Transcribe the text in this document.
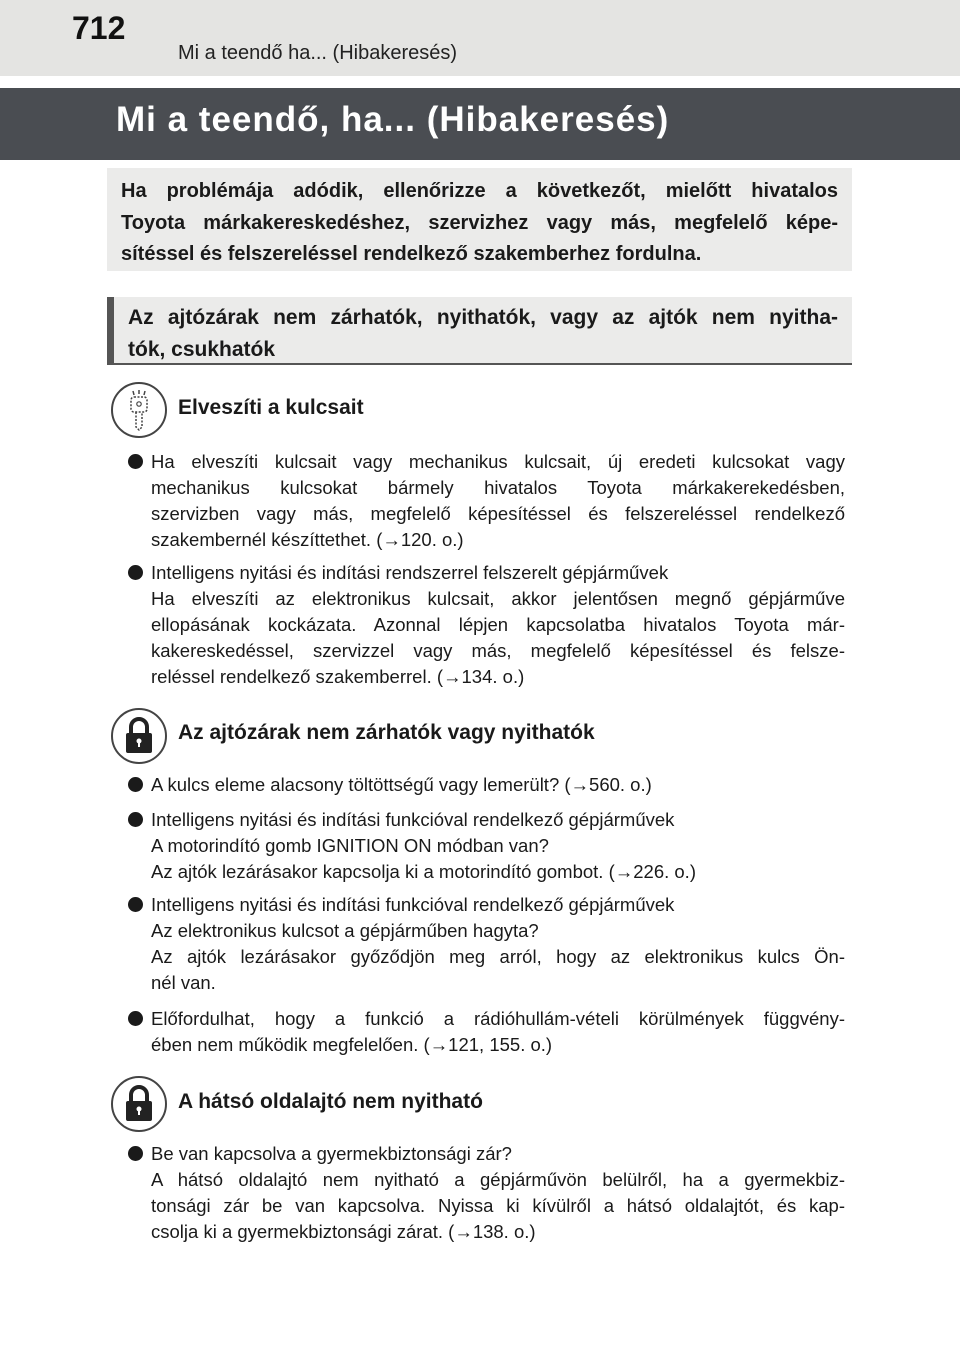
712
Mi a teendő ha... (Hibakeresés)
Mi a teendő, ha... (Hibakeresés)
Ha problémája adódik, ellenőrizze a következőt, mielőtt hivatalos
Toyota márkakereskedéshez, szervizhez vagy más, megfelelő képe-
sítéssel és felszereléssel rendelkező szakemberhez fordulna.
Az ajtózárak nem zárhatók, nyithatók, vagy az ajtók nem nyitha-
tók, csukhatók
Elveszíti a kulcsait
Ha elveszíti kulcsait vagy mechanikus kulcsait, új eredeti kulcsokat vagy
mechanikus kulcsokat bármely hivatalos Toyota márkakerekedésben,
szervizben vagy más, megfelelő képesítéssel és felszereléssel rendelkező
szakembernél készíttethet. (→120. o.)
Intelligens nyitási és indítási rendszerrel felszerelt gépjárművek
Ha elveszíti az elektronikus kulcsait, akkor jelentősen megnő gépjárműve
ellopásának kockázata. Azonnal lépjen kapcsolatba hivatalos Toyota már-
kakereskedéssel, szervizzel vagy más, megfelelő képesítéssel és felsze-
reléssel rendelkező szakemberrel. (→134. o.)
Az ajtózárak nem zárhatók vagy nyithatók
A kulcs eleme alacsony töltöttségű vagy lemerült? (→560. o.)
Intelligens nyitási és indítási funkcióval rendelkező gépjárművek
A motorindító gomb IGNITION ON módban van?
Az ajtók lezárásakor kapcsolja ki a motorindító gombot. (→226. o.)
Intelligens nyitási és indítási funkcióval rendelkező gépjárművek
Az elektronikus kulcsot a gépjárműben hagyta?
Az ajtók lezárásakor győződjön meg arról, hogy az elektronikus kulcs Ön-
nél van.
Előfordulhat, hogy a funkció a rádióhullám-vételi körülmények függvény-
ében nem működik megfelelően. (→121, 155. o.)
A hátsó oldalajtó nem nyitható
Be van kapcsolva a gyermekbiztonsági zár?
A hátsó oldalajtó nem nyitható a gépjárművön belülről, ha a gyermekbiz-
tonsági zár be van kapcsolva. Nyissa ki kívülről a hátsó oldalajtót, és kap-
csolja ki a gyermekbiztonsági zárat. (→138. o.)
